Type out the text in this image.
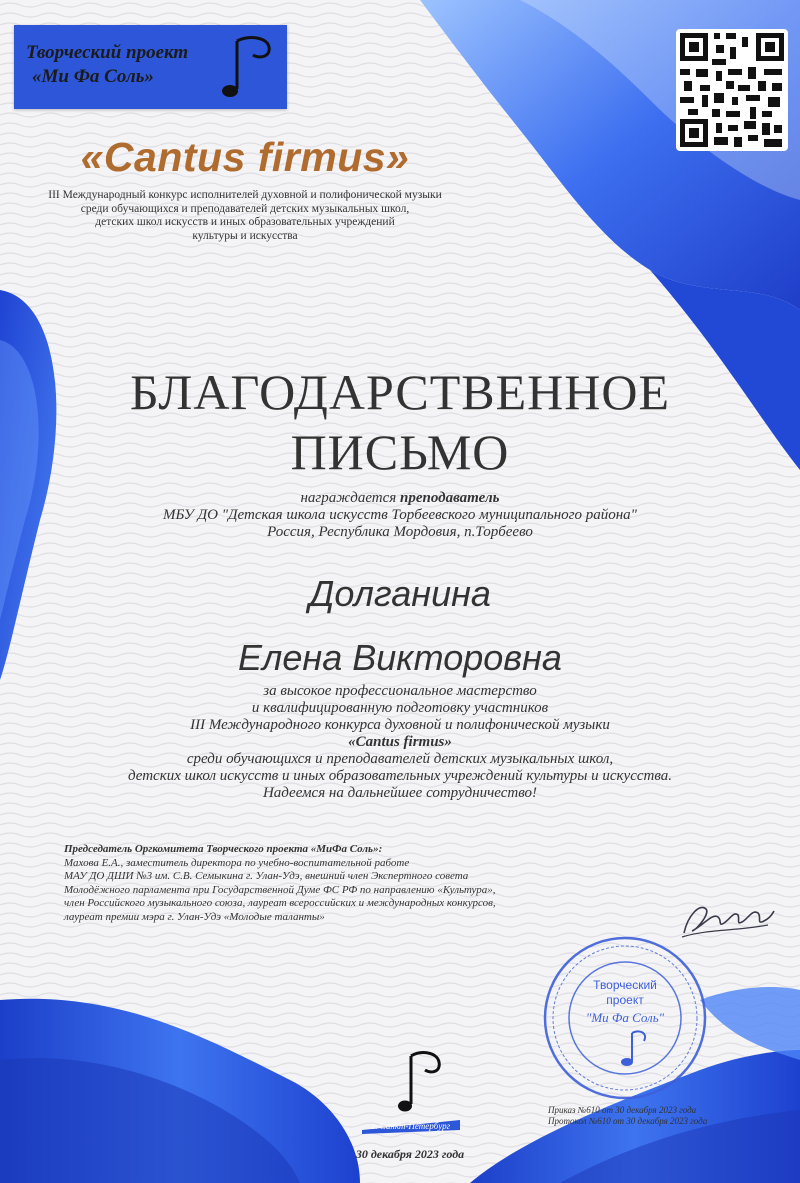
Творческий проект
«Ми Фа Соль»
«Cantus firmus»
III Международный конкурс исполнителей духовной и полифонической музыки
среди обучающихся и преподавателей детских музыкальных школ,
детских школ искусств и иных образовательных учреждений
культуры и искусства
БЛАГОДАРСТВЕННОЕ
ПИСЬМО
награждается преподаватель
МБУ ДО "Детская школа искусств Торбеевского муниципального района"
Россия, Республика Мордовия, п.Торбеево
Долганина
Елена Викторовна
за высокое профессиональное мастерство
и квалифицированную подготовку участников
III Международного конкурса духовной и полифонической музыки
«Cantus firmus»
среди обучающихся и преподавателей детских музыкальных школ,
детских школ искусств и иных образовательных учреждений культуры и искусства.
Надеемся на дальнейшее сотрудничество!
Председатель Оргкомитета Творческого проекта «МиФа Соль»:
Махова Е.А., заместитель директора по учебно-воспитательной работе
МАУ ДО ДШИ №3 им. С.В. Семыкина г. Улан-Удэ, внешний член Экспертного совета
Молодёжного парламента при Государственной Думе ФС РФ по направлению «Культура»,
член Российского музыкального союза, лауреат всероссийских и международных конкурсов,
лауреат премии мэра г. Улан-Удэ «Молодые таланты»
Творческий
проект
"Ми Фа Соль"
г. Санкт-Петербург
30 декабря 2023 года
Приказ №610 от 30 декабря 2023 года
Протокол №610 от 30 декабря 2023 года
